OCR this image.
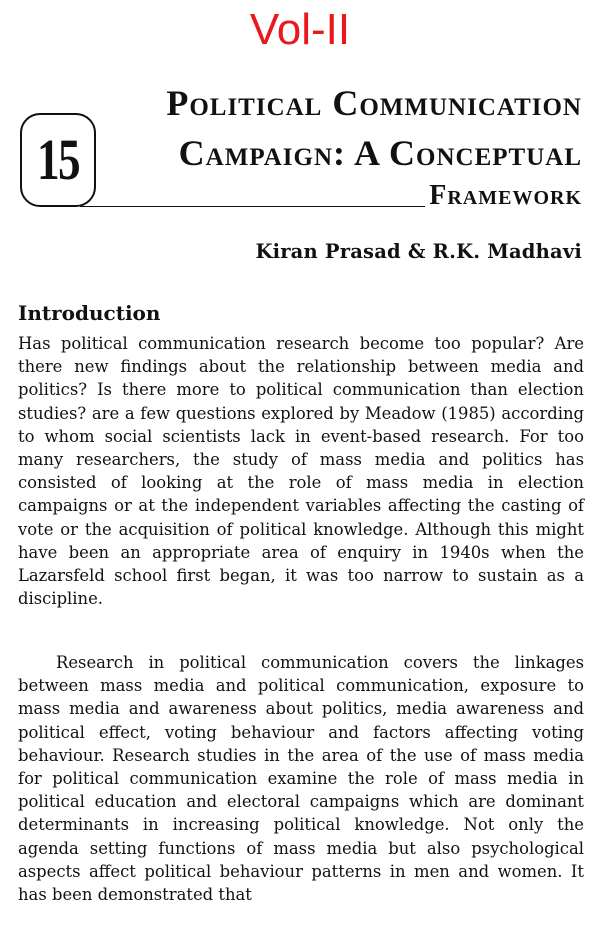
Vol-II
15
Political Communication
Campaign: A Conceptual
Framework
Kiran Prasad & R.K. Madhavi
Introduction

Has political communication research become too popular? Are there new findings about the relationship between media and politics? Is there more to political communication than election studies? are a few questions explored by Meadow (1985) according to whom social scientists lack in event-based research. For too many researchers, the study of mass media and politics has consisted of looking at the role of mass media in election campaigns or at the independent variables affecting the casting of vote or the acquisition of political knowledge. Although this might have been an appropriate area of enquiry in 1940s when the Lazarsfeld school first began, it was too narrow to sustain as a discipline.

Research in political communication covers the linkages between mass media and political communication, exposure to mass media and awareness about politics, media awareness and political effect, voting behaviour and factors affecting voting behaviour. Research studies in the area of the use of mass media for political communication examine the role of mass media in political education and electoral campaigns which are dominant determinants in increasing political knowledge. Not only the agenda setting functions of mass media but also psychological aspects affect political behaviour patterns in men and women. It has been demonstrated that
